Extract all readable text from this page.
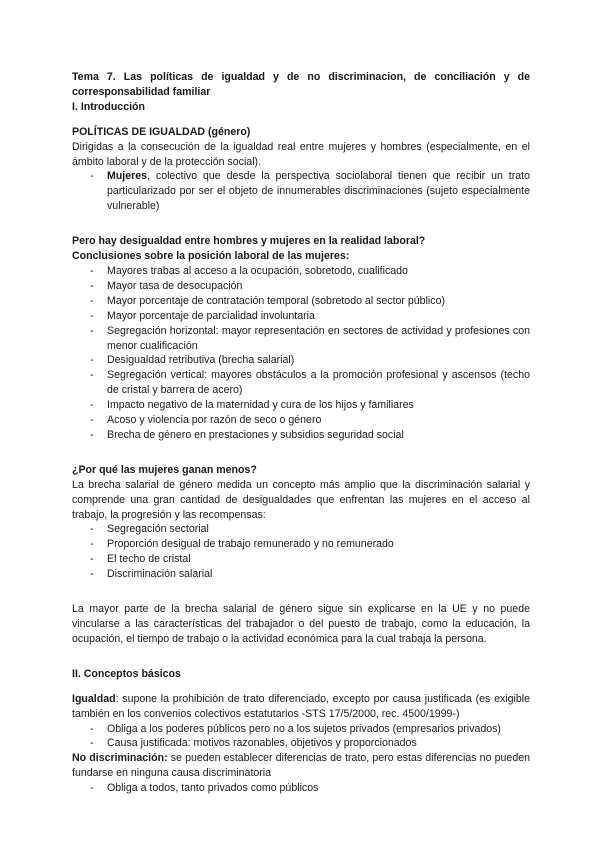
Tema 7. Las políticas de igualdad y de no discriminacion, de conciliación y de corresponsabilidad familiar

I. Introducción

POLÍTICAS DE IGUALDAD (género)

Dirigidas a la consecución de la igualdad real entre mujeres y hombres (especialmente, en el ámbito laboral y de la protección social).

- Mujeres, colectivo que desde la perspectiva sociolaboral tienen que recibir un trato particularizado por ser el objeto de innumerables discriminaciones (sujeto especialmente vulnerable)

Pero hay desigualdad entre hombres y mujeres en la realidad laboral?

Conclusiones sobre la posición laboral de las mujeres:

- Mayores trabas al acceso a la ocupación, sobretodo, cualificado
- Mayor tasa de desocupación
- Mayor porcentaje de contratación temporal (sobretodo al sector público)
- Mayor porcentaje de parcialidad involuntaria
- Segregación horizontal: mayor representación en sectores de actividad y profesiones con menor cualificación
- Desigualdad retributiva (brecha salarial)
- Segregación vertical: mayores obstáculos a la promoción profesional y ascensos (techo de cristal y barrera de acero)
- Impacto negativo de la maternidad y cura de los hijos y familiares
- Acoso y violencia por razón de seco o género
- Brecha de género en prestaciones y subsidios seguridad social

¿Por qué las mujeres ganan menos?

La brecha salarial de género medida un concepto más amplio que la discriminación salarial y comprende una gran cantidad de desigualdades que enfrentan las mujeres en el acceso al trabajo, la progresión y las recompensas:

- Segregación sectorial
- Proporción desigual de trabajo remunerado y no remunerado
- El techo de cristal
- Discriminación salarial

La mayor parte de la brecha salarial de género sigue sin explicarse en la UE y no puede vincularse a las características del trabajador o del puesto de trabajo, como la educación, la ocupación, el tiempo de trabajo o la actividad económica para la cual trabaja la persona.

II. Conceptos básicos

Igualdad: supone la prohibición de trato diferenciado, excepto por causa justificada (es exigible también en los convenios colectivos estatutarios -STS 17/5/2000, rec. 4500/1999-)

- Obliga a los poderes públicos pero no a los sujetos privados (empresarios privados)
- Causa justificada: motivos razonables, objetivos y proporcionados

No discriminación: se pueden establecer diferencias de trato, pero estas diferencias no pueden fundarse en ninguna causa discriminatoria

- Obliga a todos, tanto privados como públicos
